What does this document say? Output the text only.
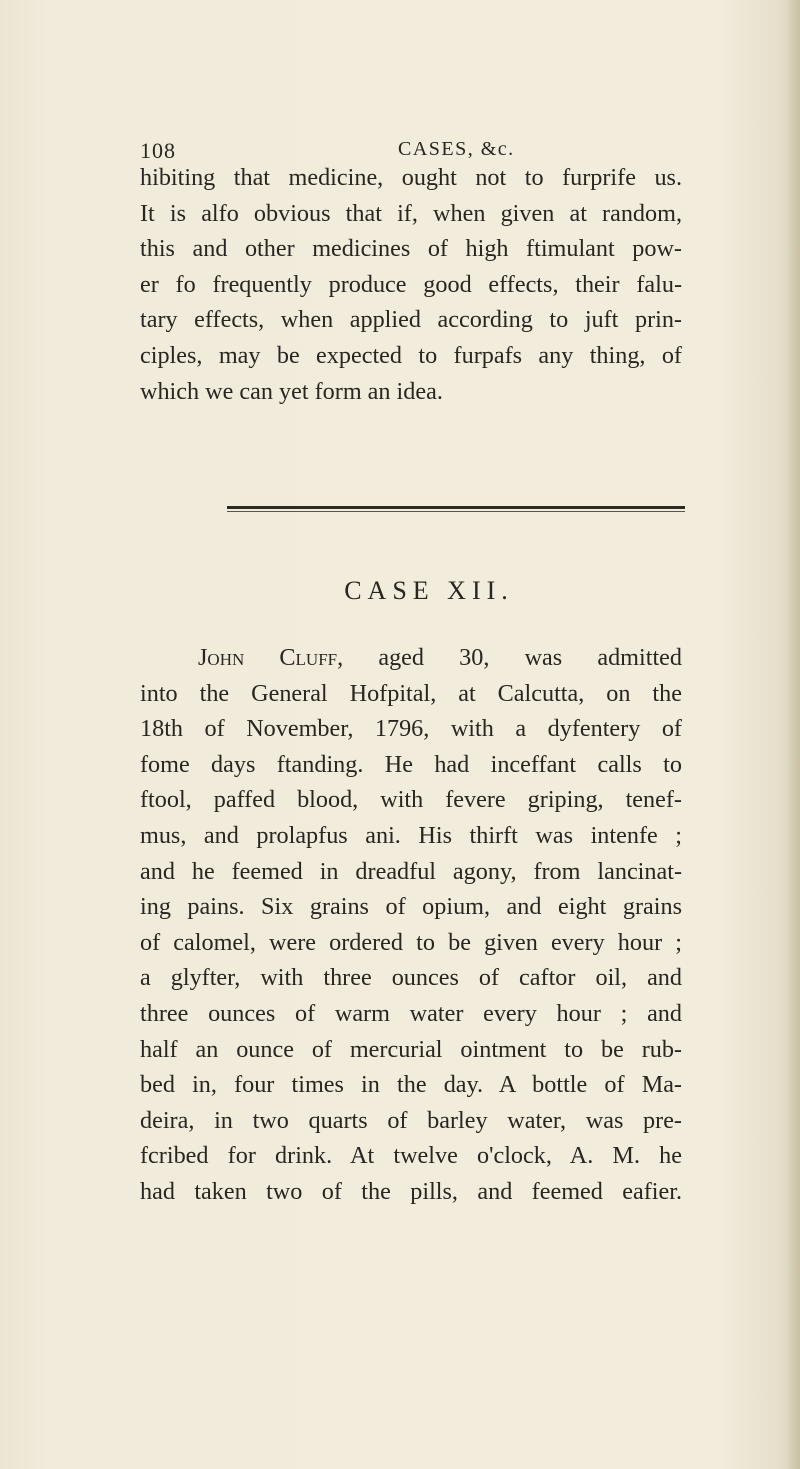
108	CASES, &c.
hibiting that medicine, ought not to furprife us.
It is alfo obvious that if, when given at random,
this and other medicines of high ftimulant pow-
er fo frequently produce good effects, their falu-
tary effects, when applied according to juft prin-
ciples, may be expected to furpafs any thing, of
which we can yet form an idea.
CASE XII.
John Cluff, aged 30, was admitted
into the General Hofpital, at Calcutta, on the
18th of November, 1796, with a dyfentery of
fome days ftanding. He had inceffant calls to
ftool, paffed blood, with fevere griping, tenef-
mus, and prolapfus ani. His thirft was intenfe ;
and he feemed in dreadful agony, from lancinat-
ing pains. Six grains of opium, and eight grains
of calomel, were ordered to be given every hour ;
a glyfter, with three ounces of caftor oil, and
three ounces of warm water every hour ; and
half an ounce of mercurial ointment to be rub-
bed in, four times in the day. A bottle of Ma-
deira, in two quarts of barley water, was pre-
fcribed for drink. At twelve o'clock, A. M. he
had taken two of the pills, and feemed eafier.
